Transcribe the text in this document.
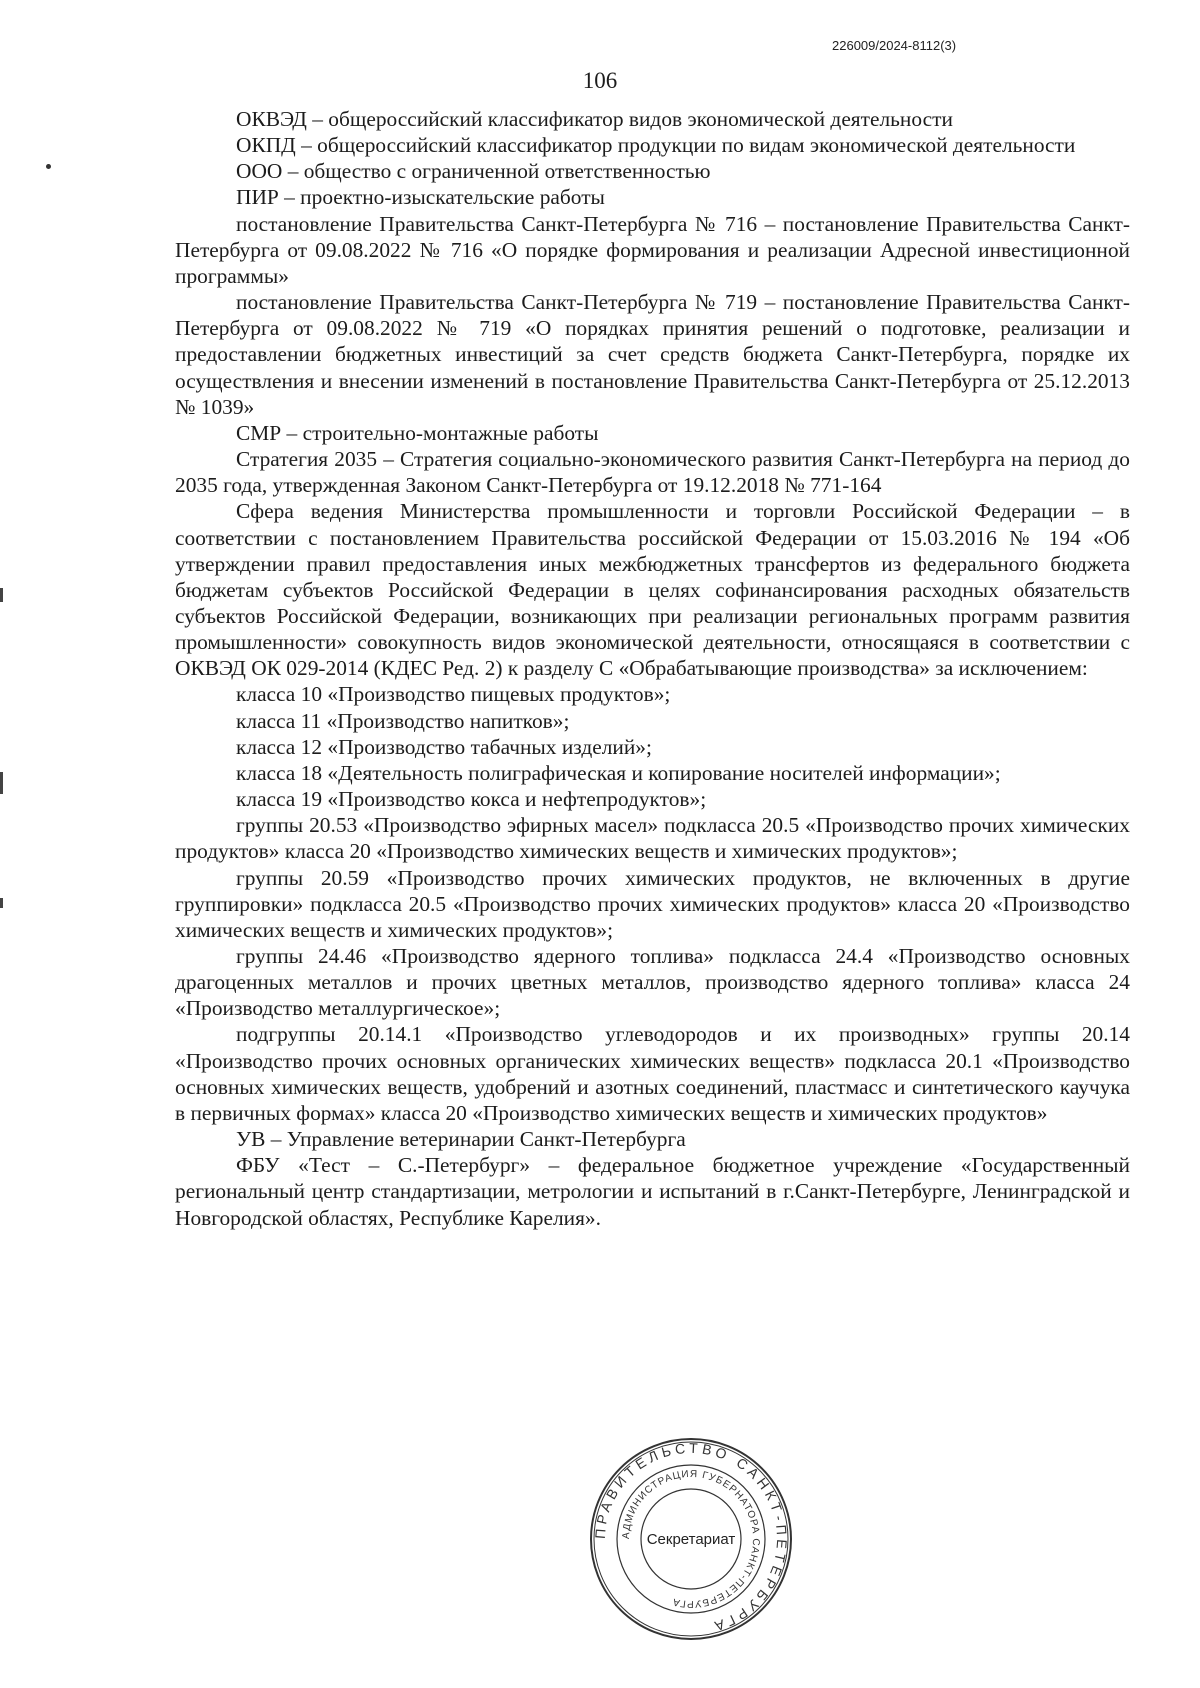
226009/2024-8112(3)
106

ОКВЭД – общероссийский классификатор видов экономической деятельности

ОКПД – общероссийский классификатор продукции по видам экономической деятельности

ООО – общество с ограниченной ответственностью

ПИР – проектно-изыскательские работы

постановление Правительства Санкт-Петербурга № 716 – постановление Правительства Санкт-Петербурга от 09.08.2022 № 716 «О порядке формирования и реализации Адресной инвестиционной программы»

постановление Правительства Санкт-Петербурга № 719 – постановление Правительства Санкт-Петербурга от 09.08.2022 № 719 «О порядках принятия решений о подготовке, реализации и предоставлении бюджетных инвестиций за счет средств бюджета Санкт-Петербурга, порядке их осуществления и внесении изменений в постановление Правительства Санкт-Петербурга от 25.12.2013 № 1039»

СМР – строительно-монтажные работы

Стратегия 2035 – Стратегия социально-экономического развития Санкт-Петербурга на период до 2035 года, утвержденная Законом Санкт-Петербурга от 19.12.2018 № 771-164

Сфера ведения Министерства промышленности и торговли Российской Федерации – в соответствии с постановлением Правительства российской Федерации от 15.03.2016 № 194 «Об утверждении правил предоставления иных межбюджетных трансфертов из федерального бюджета бюджетам субъектов Российской Федерации в целях софинансирования расходных обязательств субъектов Российской Федерации, возникающих при реализации региональных программ развития промышленности» совокупность видов экономической деятельности, относящаяся в соответствии с ОКВЭД ОК 029-2014 (КДЕС Ред. 2) к разделу С «Обрабатывающие производства» за исключением:

класса 10 «Производство пищевых продуктов»;

класса 11 «Производство напитков»;

класса 12 «Производство табачных изделий»;

класса 18 «Деятельность полиграфическая и копирование носителей информации»;

класса 19 «Производство кокса и нефтепродуктов»;

группы 20.53 «Производство эфирных масел» подкласса 20.5 «Производство прочих химических продуктов» класса 20 «Производство химических веществ и химических продуктов»;

группы 20.59 «Производство прочих химических продуктов, не включенных в другие группировки» подкласса 20.5 «Производство прочих химических продуктов» класса 20 «Производство химических веществ и химических продуктов»;

группы 24.46 «Производство ядерного топлива» подкласса 24.4 «Производство основных драгоценных металлов и прочих цветных металлов, производство ядерного топлива» класса 24 «Производство металлургическое»;

подгруппы 20.14.1 «Производство углеводородов и их производных» группы 20.14 «Производство прочих основных органических химических веществ» подкласса 20.1 «Производство основных химических веществ, удобрений и азотных соединений, пластмасс и синтетического каучука в первичных формах» класса 20 «Производство химических веществ и химических продуктов»

УВ – Управление ветеринарии Санкт-Петербурга

ФБУ «Тест – С.-Петербург» – федеральное бюджетное учреждение «Государственный региональный центр стандартизации, метрологии и испытаний в г.Санкт-Петербурге, Ленинградской и Новгородской областях, Республике Карелия».

ПРАВИТЕЛЬСТВО САНКТ-ПЕТЕРБУРГА
АДМИНИСТРАЦИЯ ГУБЕРНАТОРА САНКТ-ПЕТЕРБУРГА
Секретариат
